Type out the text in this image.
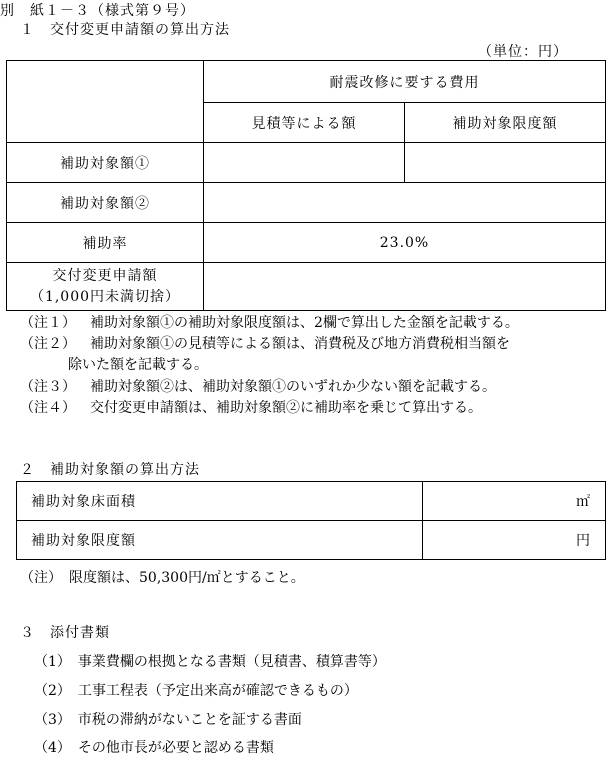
別　紙１－３（様式第９号）
１　交付変更申請額の算出方法
（単位：円）
	耐震改修に要する費用	
	見積等による額	補助対象限度額
補助対象額①		
補助対象額②		
補助率	23.0%	

交付変更申請額
（1,000円未満切捨）		

（注１） 補助対象額①の補助対象限度額は、2欄で算出した金額を記載する。
（注２） 補助対象額①の見積等による額は、消費税及び地方消費税相当額を
除いた額を記載する。
（注３） 補助対象額②は、補助対象額①のいずれか少ない額を記載する。
（注４） 交付変更申請額は、補助対象額②に補助率を乗じて算出する。
２　補助対象額の算出方法
補助対象床面積	㎡
補助対象限度額	円
（注）　限度額は、50,300円/㎡とすること。
３　添付書類
（1）　事業費欄の根拠となる書類（見積書、積算書等）
（2）　工事工程表（予定出来高が確認できるもの）
（3）　市税の滞納がないことを証する書面
（4）　その他市長が必要と認める書類
